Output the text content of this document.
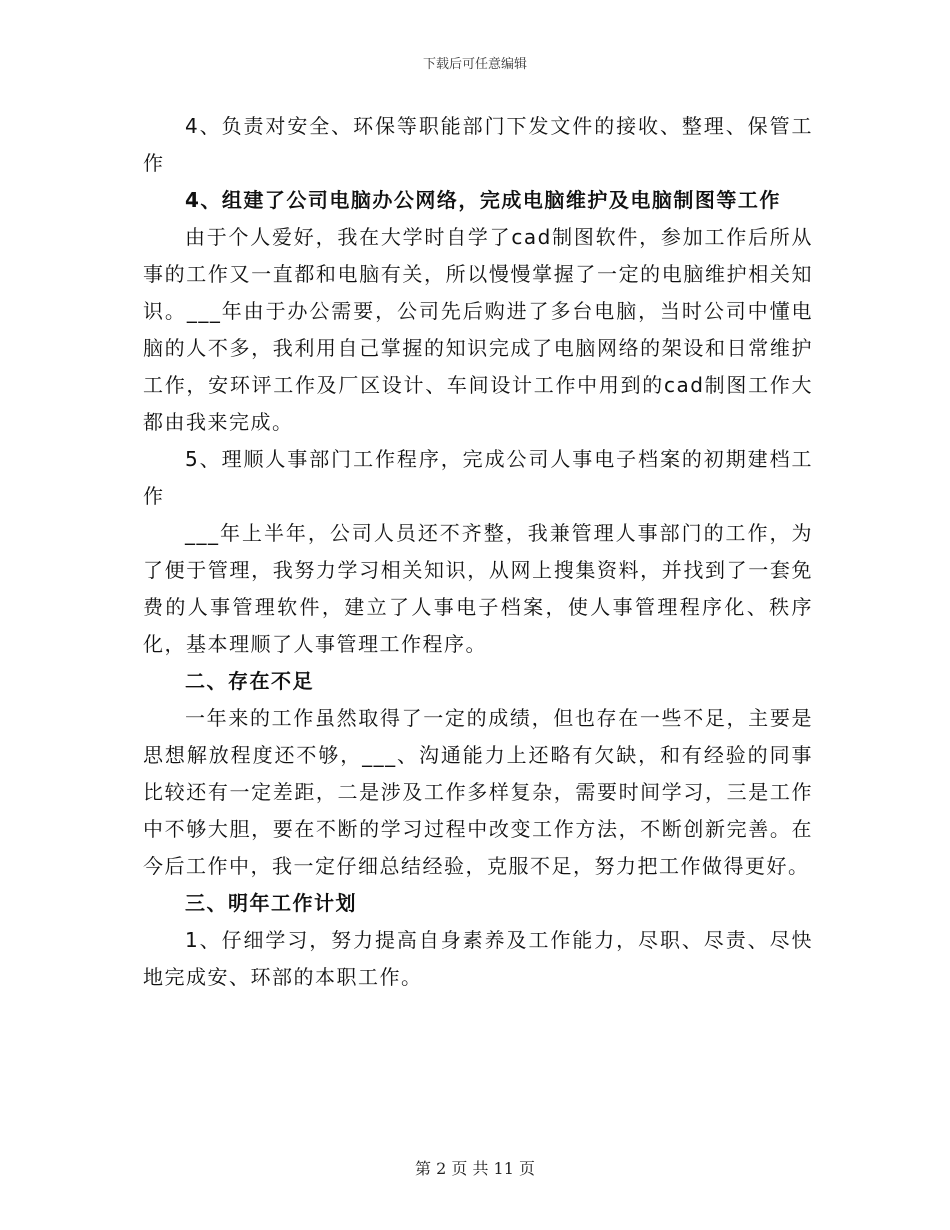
下载后可任意编辑

4、负责对安全、环保等职能部门下发文件的接收、整理、保管工作

4、组建了公司电脑办公网络，完成电脑维护及电脑制图等工作

由于个人爱好，我在大学时自学了cad制图软件，参加工作后所从事的工作又一直都和电脑有关，所以慢慢掌握了一定的电脑维护相关知识。___年由于办公需要，公司先后购进了多台电脑，当时公司中懂电脑的人不多，我利用自己掌握的知识完成了电脑网络的架设和日常维护工作，安环评工作及厂区设计、车间设计工作中用到的cad制图工作大都由我来完成。

5、理顺人事部门工作程序，完成公司人事电子档案的初期建档工作

___年上半年，公司人员还不齐整，我兼管理人事部门的工作，为了便于管理，我努力学习相关知识，从网上搜集资料，并找到了一套免费的人事管理软件，建立了人事电子档案，使人事管理程序化、秩序化，基本理顺了人事管理工作程序。

二、存在不足

一年来的工作虽然取得了一定的成绩，但也存在一些不足，主要是思想解放程度还不够，___、沟通能力上还略有欠缺，和有经验的同事比较还有一定差距，二是涉及工作多样复杂，需要时间学习，三是工作中不够大胆，要在不断的学习过程中改变工作方法，不断创新完善。在今后工作中，我一定仔细总结经验，克服不足，努力把工作做得更好。

三、明年工作计划

1、仔细学习，努力提高自身素养及工作能力，尽职、尽责、尽快地完成安、环部的本职工作。

第 2 页 共 11 页
